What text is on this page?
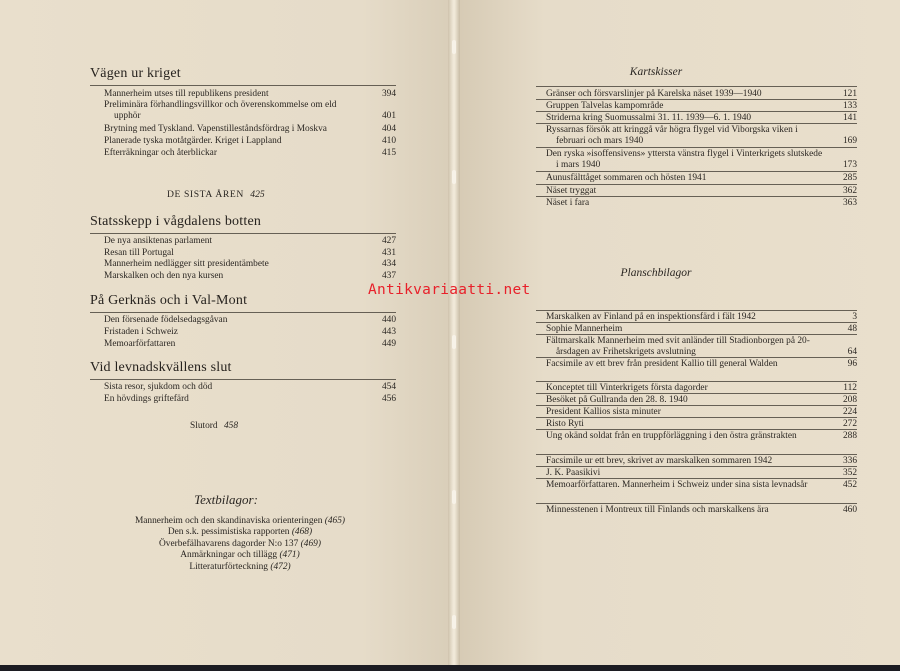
Vägen ur kriget
Mannerheim utses till republikens president	394
Preliminära förhandlingsvillkor och överenskommelse om eld upphör	401
Brytning med Tyskland. Vapenstilleståndsfördrag i Moskva	404
Planerade tyska motåtgärder. Kriget i Lappland	410
Efterräkningar och återblickar	415
DE SISTA ÅREN 425
Statsskepp i vågdalens botten
De nya ansiktenas parlament	427
Resan till Portugal	431
Mannerheim nedlägger sitt presidentämbete	434
Marskalken och den nya kursen	437
På Gerknäs och i Val-Mont
Den försenade födelsedagsgåvan	440
Fristaden i Schweiz	443
Memoarförfattaren	449
Vid levnadskvällens slut
Sista resor, sjukdom och död	454
En hövdings griftefärd	456
Slutord 458
Textbilagor:
Mannerheim och den skandinaviska orienteringen (465)
Den s.k. pessimistiska rapporten (468)
Överbefälhavarens dagorder N:o 137 (469)
Anmärkningar och tillägg (471)
Litteraturförteckning (472)
Kartskisser
Gränser och försvarslinjer på Karelska näset 1939—1940	121
Gruppen Talvelas kampområde	133
Striderna kring Suomussalmi 31. 11. 1939—6. 1. 1940	141
Ryssarnas försök att kringgå vår högra flygel vid Viborgska viken i februari och mars 1940	169
Den ryska »isoffensivens» yttersta vänstra flygel i Vinterkrigets slutskede i mars 1940	173
Aunusfälttåget sommaren och hösten 1941	285
Näset tryggat	362
Näset i fara	363
Planschbilagor
Marskalken av Finland på en inspektionsfärd i fält 1942	3
Sophie Mannerheim	48
Fältmarskalk Mannerheim med svit anländer till Stadionborgen på 20-årsdagen av Frihetskrigets avslutning	64
Facsimile av ett brev från president Kallio till general Walden	96
Konceptet till Vinterkrigets första dagorder	112
Besöket på Gullranda den 28. 8. 1940	208
President Kallios sista minuter	224
Risto Ryti	272
Ung okänd soldat från en truppförläggning i den östra gränstrakten	288
Facsimile ur ett brev, skrivet av marskalken sommaren 1942	336
J. K. Paasikivi	352
Memoarförfattaren. Mannerheim i Schweiz under sina sista levnadsår	452
Minnesstenen i Montreux till Finlands och marskalkens ära	460
Antikvariaatti.net
